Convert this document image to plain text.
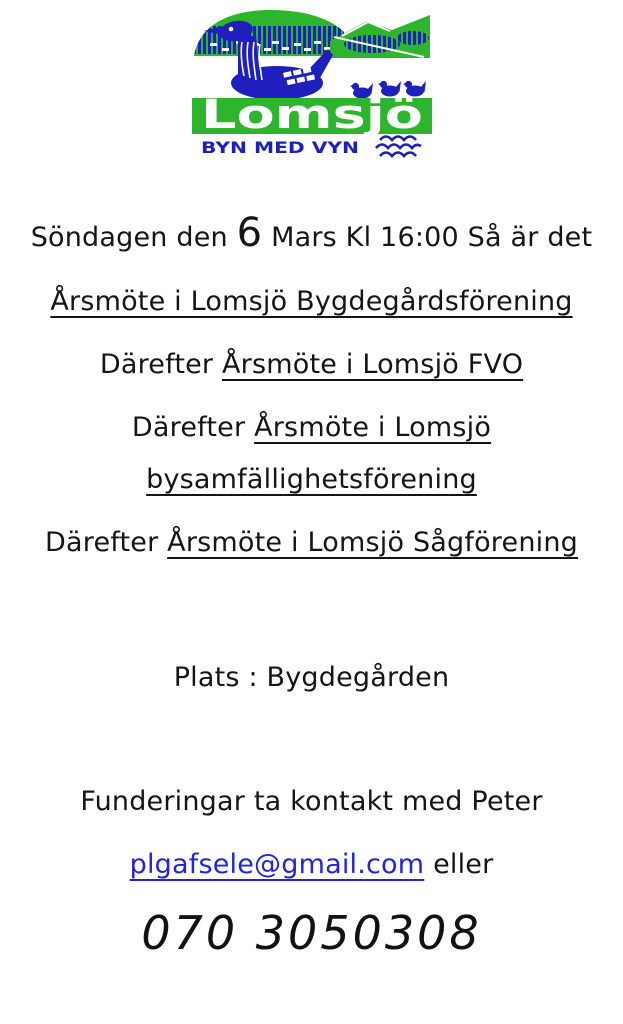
Lomsjö
BYN MED VYN

Söndagen den 6 Mars Kl 16:00 Så är det

Årsmöte i Lomsjö Bygdegårdsförening

Därefter Årsmöte i Lomsjö FVO

Därefter Årsmöte i Lomsjö bysamfällighetsförening

Därefter Årsmöte i Lomsjö Sågförening

Plats : Bygdegården

Funderingar ta kontakt med Peter

plgafsele@gmail.com eller

070 3050308
